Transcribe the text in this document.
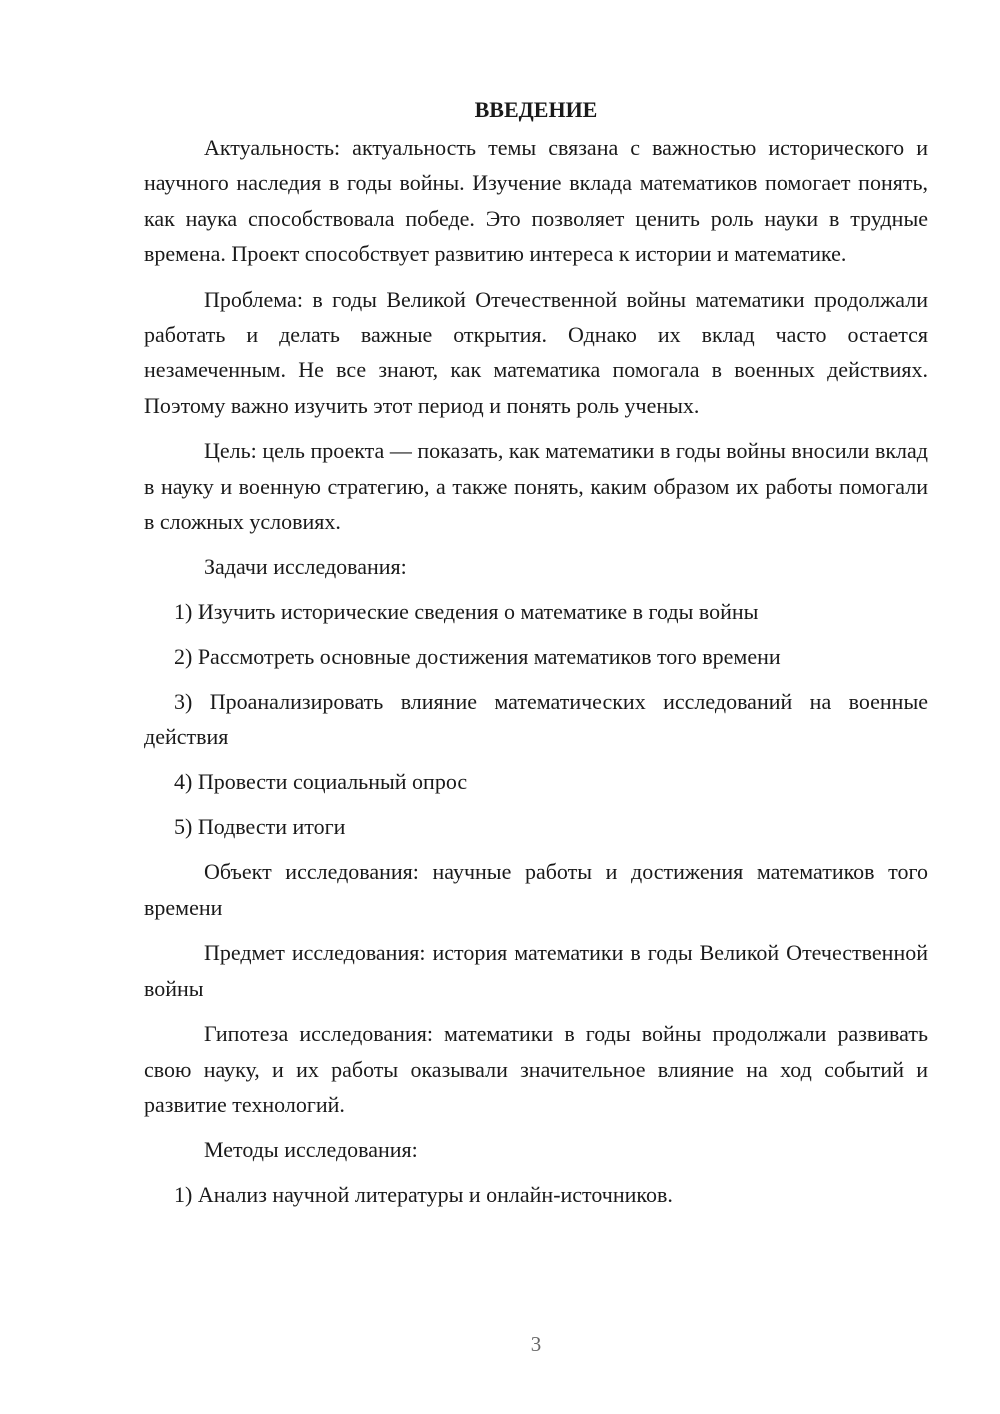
ВВЕДЕНИЕ

Актуальность: актуальность темы связана с важностью исторического и научного наследия в годы войны. Изучение вклада математиков помогает понять, как наука способствовала победе. Это позволяет ценить роль науки в трудные времена. Проект способствует развитию интереса к истории и математике.

Проблема: в годы Великой Отечественной войны математики продолжали работать и делать важные открытия. Однако их вклад часто остается незамеченным. Не все знают, как математика помогала в военных действиях. Поэтому важно изучить этот период и понять роль ученых.

Цель: цель проекта — показать, как математики в годы войны вносили вклад в науку и военную стратегию, а также понять, каким образом их работы помогали в сложных условиях.

Задачи исследования:

1) Изучить исторические сведения о математике в годы войны

2) Рассмотреть основные достижения математиков того времени

3) Проанализировать влияние математических исследований на военные действия

4) Провести социальный опрос

5) Подвести итоги

Объект исследования: научные работы и достижения математиков того времени

Предмет исследования: история математики в годы Великой Отечественной войны

Гипотеза исследования: математики в годы войны продолжали развивать свою науку, и их работы оказывали значительное влияние на ход событий и развитие технологий.

Методы исследования:

1) Анализ научной литературы и онлайн-источников.

3
